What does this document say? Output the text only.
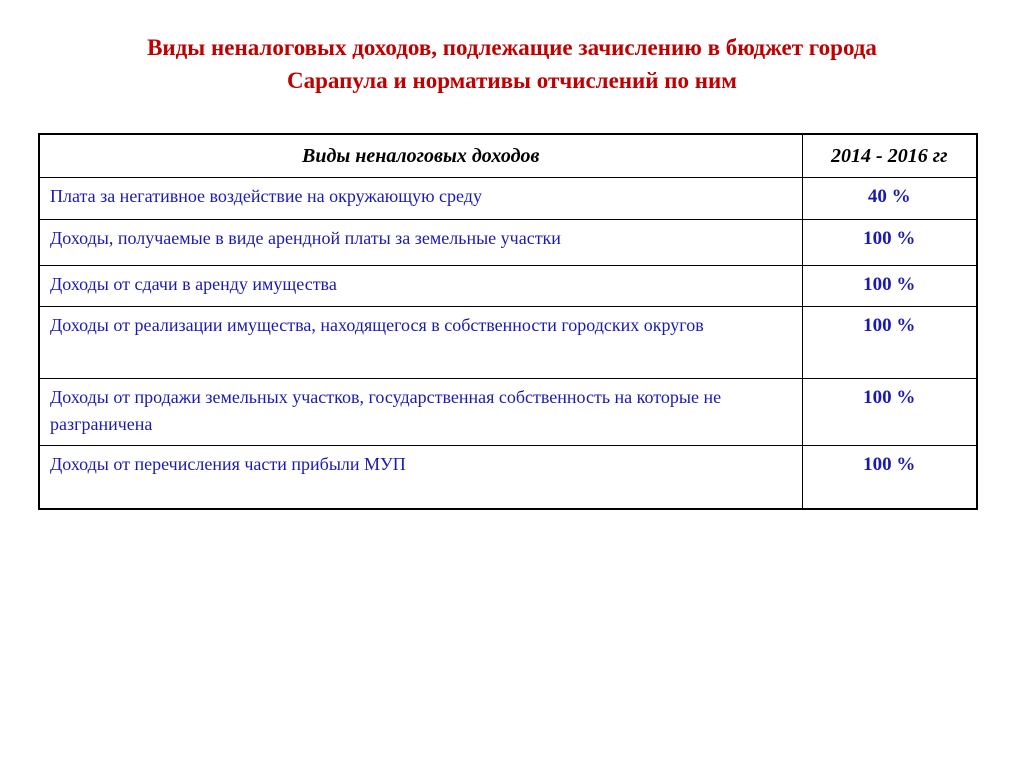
Виды неналоговых доходов, подлежащие зачислению в бюджет города
Сарапула и нормативы отчислений по ним
Виды неналоговых доходов	2014 - 2016 гг
Плата за негативное воздействие на окружающую среду	40 %
Доходы, получаемые в виде арендной платы за земельные участки	100 %
Доходы от сдачи в аренду имущества	100 %
Доходы от реализации имущества, находящегося в собственности городских округов	100 %
Доходы от продажи земельных участков, государственная собственность на которые не разграничена	100 %
Доходы от перечисления части прибыли МУП	100 %
